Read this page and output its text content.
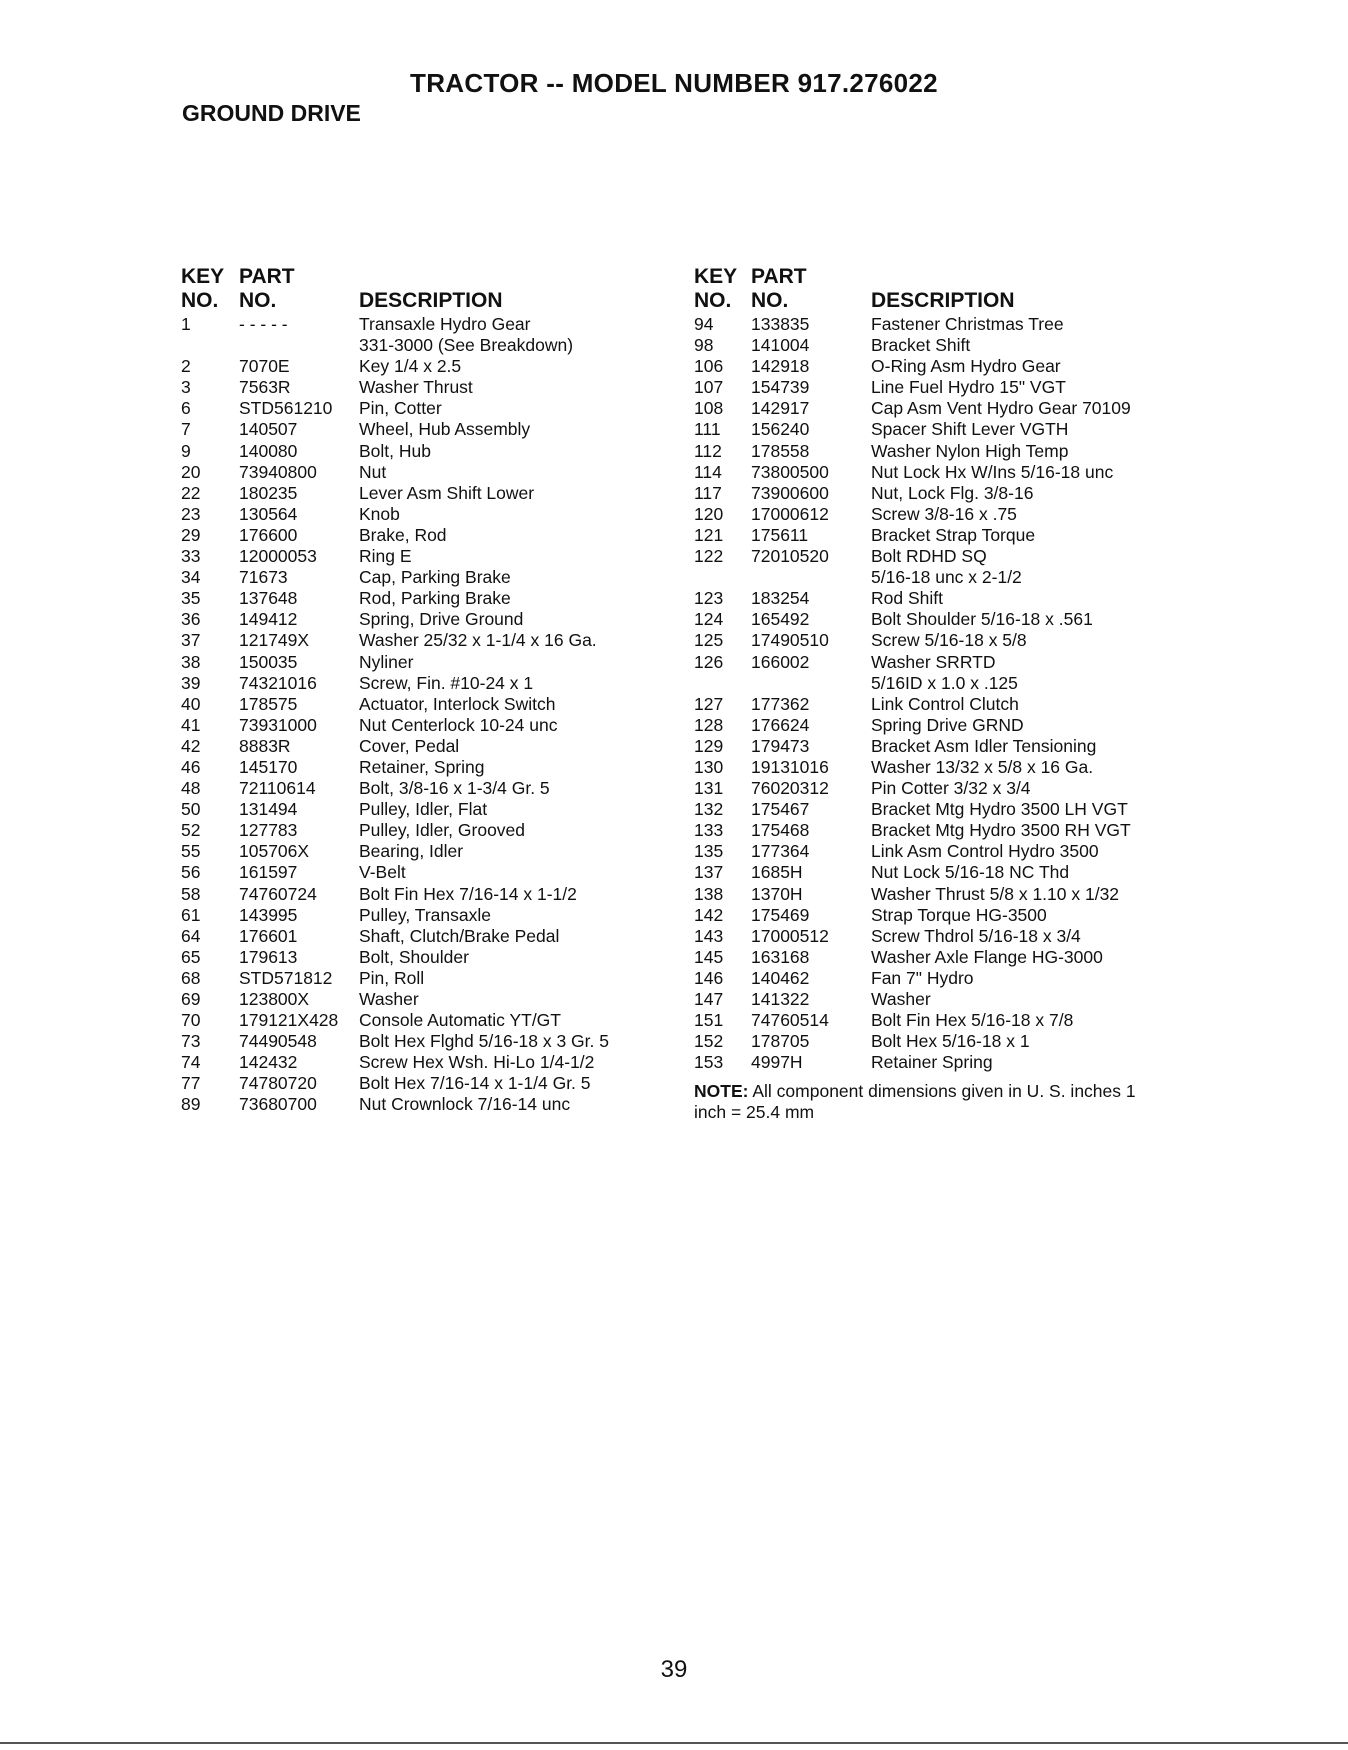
TRACTOR -- MODEL NUMBER 917.276022
GROUND DRIVE
KEY PART
NO. NO.	DESCRIPTION
1	- - - - -	Transaxle Hydro Gear
331-3000 (See Breakdown)
2	7070E	Key 1/4 x 2.5
3	7563R	Washer Thrust
6	STD561210 Pin, Cotter
7	140507	Wheel, Hub Assembly
9	140080	Bolt, Hub
20 73940800 Nut
22 180235	Lever Asm Shift Lower
23 130564	Knob
29 176600	Brake, Rod
33 12000053 Ring E
34 71673	Cap, Parking Brake
35 137648	Rod, Parking Brake
36 149412	Spring, Drive Ground
37 121749X	Washer 25/32 x 1-1/4 x 16 Ga.
38 150035	Nyliner
39 74321016 Screw, Fin. #10-24 x 1
40 178575	Actuator, Interlock Switch
41 73931000 Nut Centerlock 10-24 unc
42 8883R	Cover, Pedal
46 145170	Retainer, Spring
48 72110614 Bolt, 3/8-16 x 1-3/4 Gr. 5
50 131494	Pulley, Idler, Flat
52 127783	Pulley, Idler, Grooved
55 105706X	Bearing, Idler
56 161597	V-Belt
58 74760724 Bolt Fin Hex 7/16-14 x 1-1/2
61 143995	Pulley, Transaxle
64 176601	Shaft, Clutch/Brake Pedal
65 179613	Bolt, Shoulder
68 STD571812 Pin, Roll
69 123800X	Washer
70 179121X428 Console Automatic YT/GT
73 74490548 Bolt Hex Flghd 5/16-18 x 3 Gr. 5
74 142432	Screw Hex Wsh. Hi-Lo 1/4-1/2
77 74780720 Bolt Hex 7/16-14 x 1-1/4 Gr. 5
89 73680700 Nut Crownlock 7/16-14 unc
KEY PART
NO. NO.	DESCRIPTION
94 133835	Fastener Christmas Tree
98 141004	Bracket Shift
106 142918	O-Ring Asm Hydro Gear
107 154739	Line Fuel Hydro 15" VGT
108 142917	Cap Asm Vent Hydro Gear 70109
111 156240	Spacer Shift Lever VGTH
112 178558	Washer Nylon High Temp
114 73800500 Nut Lock Hx W/Ins 5/16-18 unc
117 73900600 Nut, Lock Flg. 3/8-16
120 17000612 Screw 3/8-16 x .75
121 175611	Bracket Strap Torque
122 72010520 Bolt RDHD SQ
5/16-18 unc x 2-1/2
123 183254	Rod Shift
124 165492	Bolt Shoulder 5/16-18 x .561
125 17490510 Screw 5/16-18 x 5/8
126 166002	Washer SRRTD
5/16ID x 1.0 x .125
127 177362	Link Control Clutch
128 176624	Spring Drive GRND
129 179473	Bracket Asm Idler Tensioning
130 19131016 Washer 13/32 x 5/8 x 16 Ga.
131 76020312 Pin Cotter 3/32 x 3/4
132 175467	Bracket Mtg Hydro 3500 LH VGT
133 175468	Bracket Mtg Hydro 3500 RH VGT
135 177364	Link Asm Control Hydro 3500
137 1685H	Nut Lock 5/16-18 NC Thd
138 1370H	Washer Thrust 5/8 x 1.10 x 1/32
142 175469	Strap Torque HG-3500
143 17000512 Screw Thdrol 5/16-18 x 3/4
145 163168	Washer Axle Flange HG-3000
146 140462	Fan 7" Hydro
147 141322	Washer
151 74760514 Bolt Fin Hex 5/16-18 x 7/8
152 178705	Bolt Hex 5/16-18 x 1
153 4997H	Retainer Spring
NOTE: All component dimensions given in U. S. inches 1 inch = 25.4 mm
39
